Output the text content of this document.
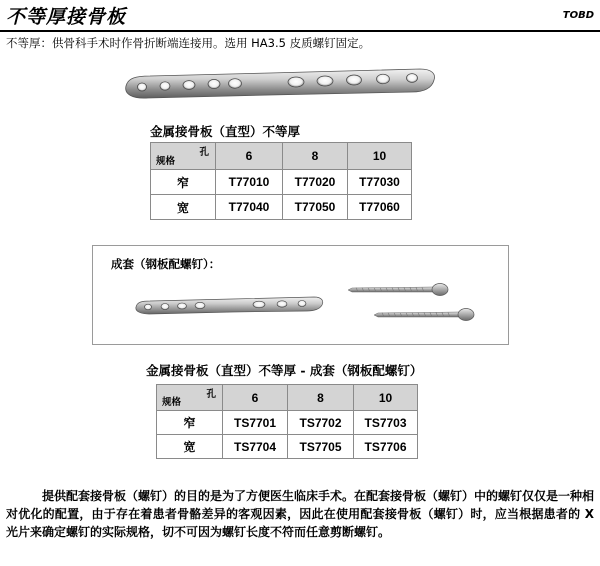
不等厚接骨板	TOBD
不等厚：供骨科手术时作骨折断端连接用。选用 HA3.5 皮质螺钉固定。
金属接骨板（直型）不等厚
孔
规格	6	8	10
窄	T77010	T77020	T77030
宽	T77040	T77050	T77060
成套（钢板配螺钉）：
金属接骨板（直型）不等厚 - 成套（钢板配螺钉）
孔
规格	6	8	10
窄	TS7701	TS7702	TS7703
宽	TS7704	TS7705	TS7706
提供配套接骨板（螺钉）的目的是为了方便医生临床手术。在配套接骨板（螺钉）中的螺钉仅仅是一种相对优化的配置，由于存在着患者骨骼差异的客观因素，因此在使用配套接骨板（螺钉）时，应当根据患者的 X 光片来确定螺钉的实际规格，切不可因为螺钉长度不符而任意剪断螺钉。
